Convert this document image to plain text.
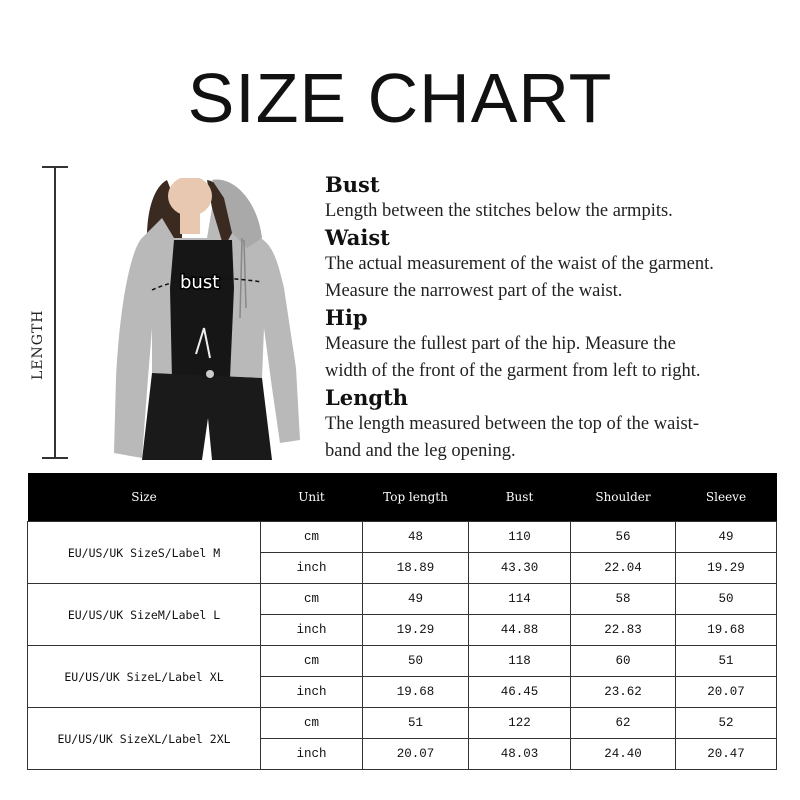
SIZE CHART
LENGTH
bust
Bust
Length between the stitches below the armpits.
Waist
The actual measurement of the waist of the garment.
Measure the narrowest part of the waist.
Hip
Measure the fullest part of the hip. Measure the
width of the front of the garment from left to right.
Length
The length measured between the top of the waist-
band and the leg opening.
Size	Unit	Top length	Bust	Shoulder	Sleeve
EU/US/UK SizeS/Label M	cm	48	110	56	49
	inch	18.89	43.30	22.04	19.29
EU/US/UK SizeM/Label L	cm	49	114	58	50
	inch	19.29	44.88	22.83	19.68
EU/US/UK SizeL/Label XL	cm	50	118	60	51
	inch	19.68	46.45	23.62	20.07
EU/US/UK SizeXL/Label 2XL	cm	51	122	62	52
	inch	20.07	48.03	24.40	20.47
